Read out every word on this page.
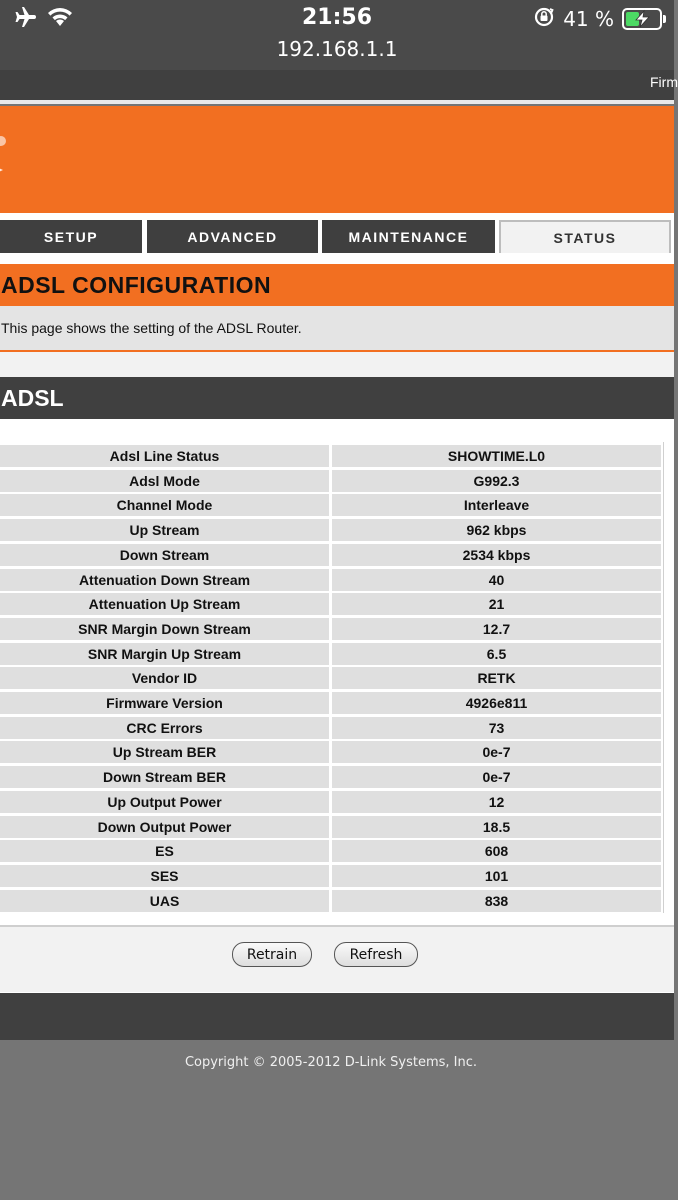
21:56
192.168.1.1
41 %
Firm
SETUP	ADVANCED	MAINTENANCE	STATUS
ADSL CONFIGURATION
This page shows the setting of the ADSL Router.
ADSL
Adsl Line Status	SHOWTIME.L0
Adsl Mode	G992.3
Channel Mode	Interleave
Up Stream	962 kbps
Down Stream	2534 kbps
Attenuation Down Stream	40
Attenuation Up Stream	21
SNR Margin Down Stream	12.7
SNR Margin Up Stream	6.5
Vendor ID	RETK
Firmware Version	4926e811
CRC Errors	73
Up Stream BER	0e-7
Down Stream BER	0e-7
Up Output Power	12
Down Output Power	18.5
ES	608
SES	101
UAS	838
Retrain	Refresh
Copyright © 2005-2012 D-Link Systems, Inc.
